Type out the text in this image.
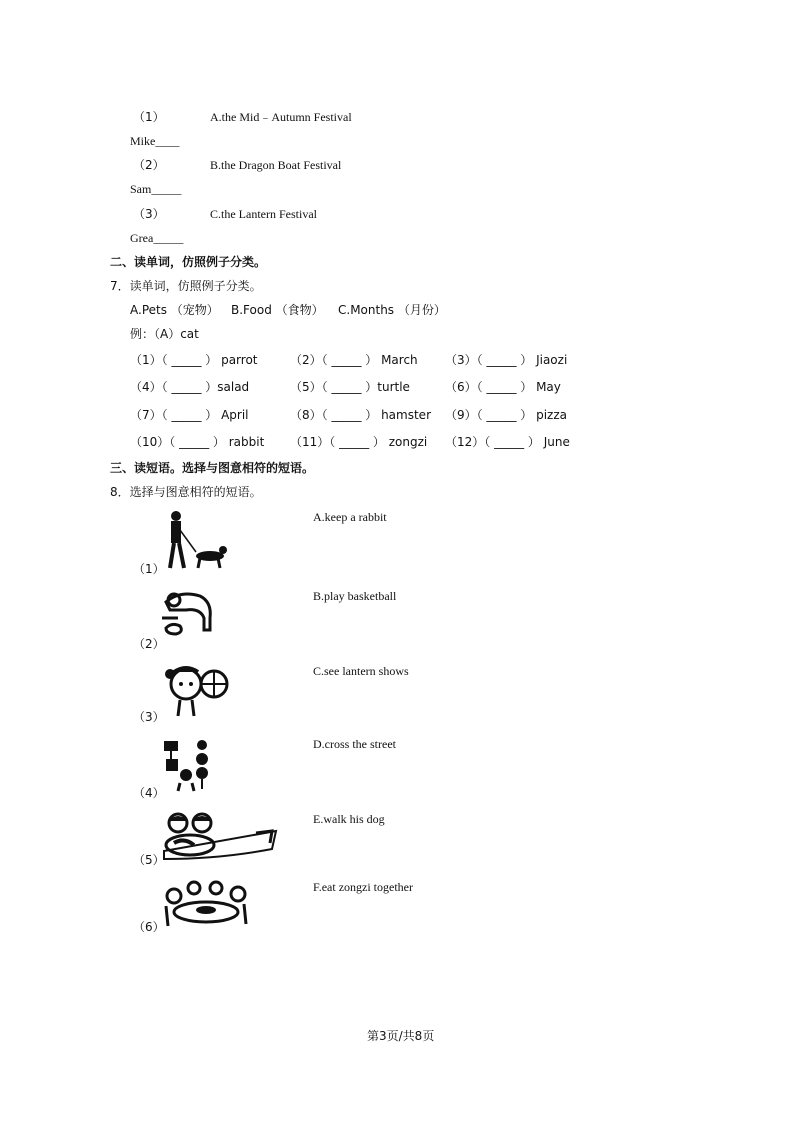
（1）	A.the Mid﹣Autumn Festival
Mike____
（2）	B.the Dragon Boat Festival
Sam_____
（3）	C.the Lantern Festival
Grea_____
二、读单词，仿照例子分类。
7．读单词，仿照例子分类。
A.Pets （宠物） B.Food （食物） C.Months （月份）
例：（A）cat
（1）（ _____ ） parrot	（2）（ _____ ） March （3）（ _____ ） Jiaozi
（4）（ _____ ）salad	（5）（ _____ ）turtle	（6）（ _____ ） May
（7）（ _____ ） April	（8）（ _____ ） hamster （9）（ _____ ） pizza
（10）（ _____ ） rabbit （11）（ _____ ） zongzi （12）（ _____ ） June
三、读短语。选择与图意相符的短语。
8．选择与图意相符的短语。
（1）
A.keep a rabbit
（2）
B.play basketball
（3）
C.see lantern shows
（4）
D.cross the street
（5）
E.walk his dog
（6）
F.eat zongzi together
第3页/共8页
